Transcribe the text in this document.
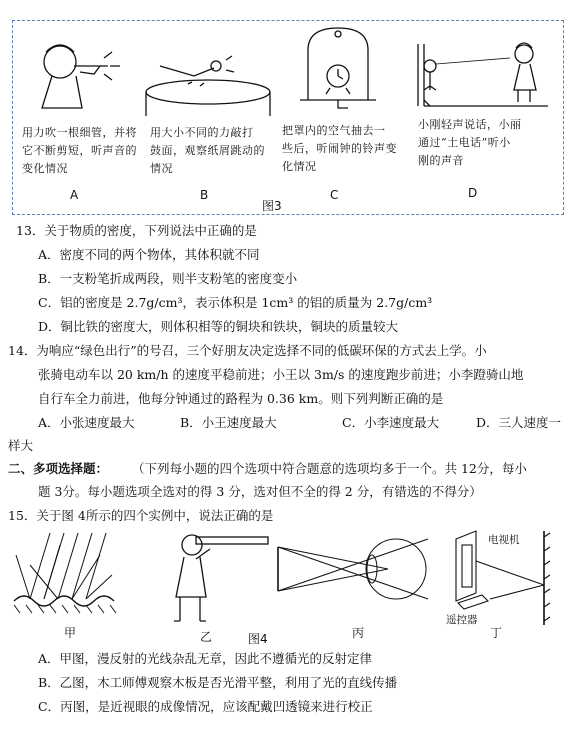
用力吹一根细管，并将
它不断剪短，听声音的
变化情况
A
用大小不同的力敲打
鼓面，观察纸屑跳动的
情况
B
把罩内的空气抽去一
些后，听闹钟的铃声变
化情况
C
小刚轻声说话，小丽
通过“土电话”听小
刚的声音
D
图3
13．关于物质的密度，下列说法中正确的是
A．密度不同的两个物体，其体积就不同
B．一支粉笔折成两段，则半支粉笔的密度变小
C．铝的密度是 2.7g/cm³，表示体积是 1cm³ 的铝的质量为 2.7g/cm³
D．铜比铁的密度大，则体积相等的铜块和铁块，铜块的质量较大
14．为响应“绿色出行”的号召，三个好朋友决定选择不同的低碳环保的方式去上学。小
张骑电动车以 20 km/h 的速度平稳前进；小王以 3m/s 的速度跑步前进；小李蹬骑山地
自行车全力前进，他每分钟通过的路程为 0.36 km。则下列判断正确的是
A．小张速度最大	B．小王速度最大	C．小李速度最大	D．三人速度一
样大
二、多项选择题： （下列每小题的四个选项中符合题意的选项均多于一个。共 12分，每小
题 3分。每小题选项全选对的得 3 分，选对但不全的得 2 分，有错选的不得分）
15．关于图 4所示的四个实例中，说法正确的是
甲	乙	图4	丙
电视机
遥控器
丁
A．甲图，漫反射的光线杂乱无章，因此不遵循光的反射定律
B．乙图，木工师傅观察木板是否光滑平整，利用了光的直线传播
C．丙图，是近视眼的成像情况，应该配戴凹透镜来进行校正
